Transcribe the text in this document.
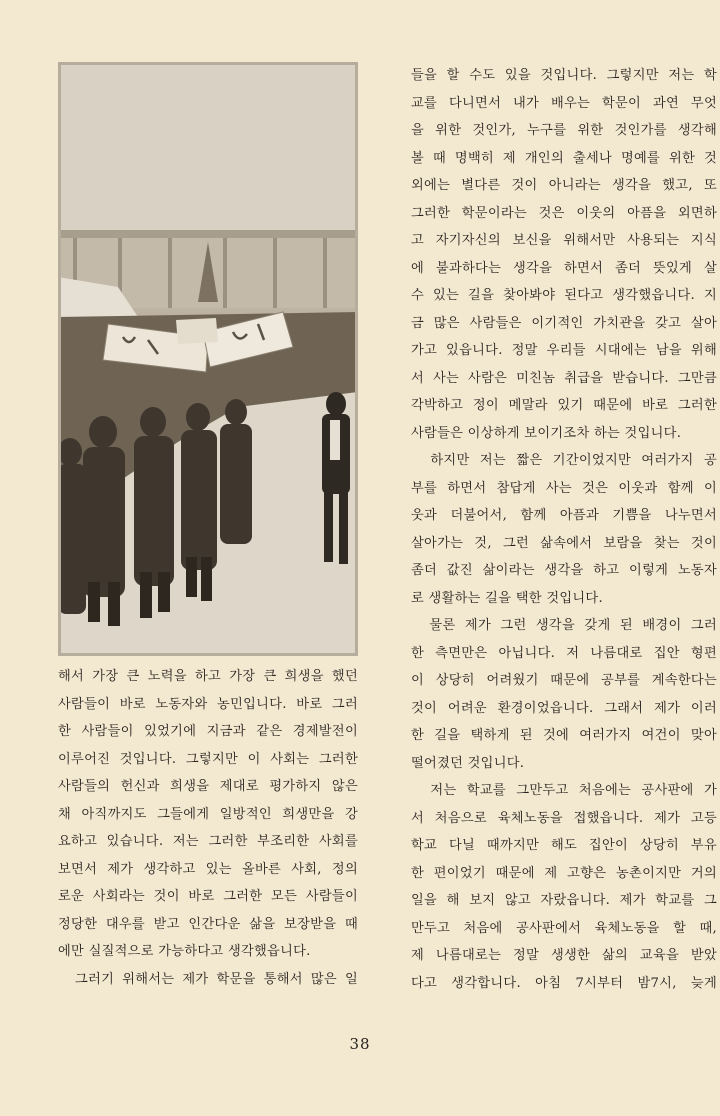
해서 가장 큰 노력을 하고 가장 큰 희생을 했던
사람들이 바로 노동자와 농민입니다. 바로 그러
한 사람들이 있었기에 지금과 같은 경제발전이
이루어진 것입니다. 그렇지만 이 사회는 그러한
사람들의 헌신과 희생을 제대로 평가하지 않은
채 아직까지도 그들에게 일방적인 희생만을 강
요하고 있습니다. 저는 그러한 부조리한 사회를
보면서 제가 생각하고 있는 올바른 사회, 정의
로운 사회라는 것이 바로 그러한 모든 사람들이
정당한 대우를 받고 인간다운 삶을 보장받을 때
에만 실질적으로 가능하다고 생각했읍니다.
　그러기 위해서는 제가 학문을 통해서 많은 일
들을 할 수도 있을 것입니다. 그렇지만 저는 학
교를 다니면서 내가 배우는 학문이 과연 무엇
을 위한 것인가, 누구를 위한 것인가를 생각해
볼 때 명백히 제 개인의 출세나 명예를 위한 것
외에는 별다른 것이 아니라는 생각을 했고, 또
그러한 학문이라는 것은 이웃의 아픔을 외면하
고 자기자신의 보신을 위해서만 사용되는 지식
에 불과하다는 생각을 하면서 좀더 뜻있게 살
수 있는 길을 찾아봐야 된다고 생각했읍니다. 지
금 많은 사람들은 이기적인 가치관을 갖고 살아
가고 있읍니다. 정말 우리들 시대에는 남을 위해
서 사는 사람은 미친놈 취급을 받습니다. 그만큼
각박하고 정이 메말라 있기 때문에 바로 그러한
사람들은 이상하게 보이기조차 하는 것입니다.
　하지만 저는 짧은 기간이었지만 여러가지 공
부를 하면서 참답게 사는 것은 이웃과 함께 이
웃과 더불어서, 함께 아픔과 기쁨을 나누면서
살아가는 것, 그런 삶속에서 보람을 찾는 것이
좀더 값진 삶이라는 생각을 하고 이렇게 노동자
로 생활하는 길을 택한 것입니다.
　물론 제가 그런 생각을 갖게 된 배경이 그러
한 측면만은 아닙니다. 저 나름대로 집안 형편
이 상당히 어려웠기 때문에 공부를 계속한다는
것이 어려운 환경이었읍니다. 그래서 제가 이러
한 길을 택하게 된 것에 여러가지 여건이 맞아
떨어졌던 것입니다.
　저는 학교를 그만두고 처음에는 공사판에 가
서 처음으로 육체노동을 접했읍니다. 제가 고등
학교 다닐 때까지만 해도 집안이 상당히 부유
한 편이었기 때문에 제 고향은 농촌이지만 거의
일을 해 보지 않고 자랐읍니다. 제가 학교를 그
만두고 처음에 공사판에서 육체노동을 할 때,
제 나름대로는 정말 생생한 삶의 교육을 받았
다고 생각합니다. 아침 7시부터 밤7시, 늦게
38
